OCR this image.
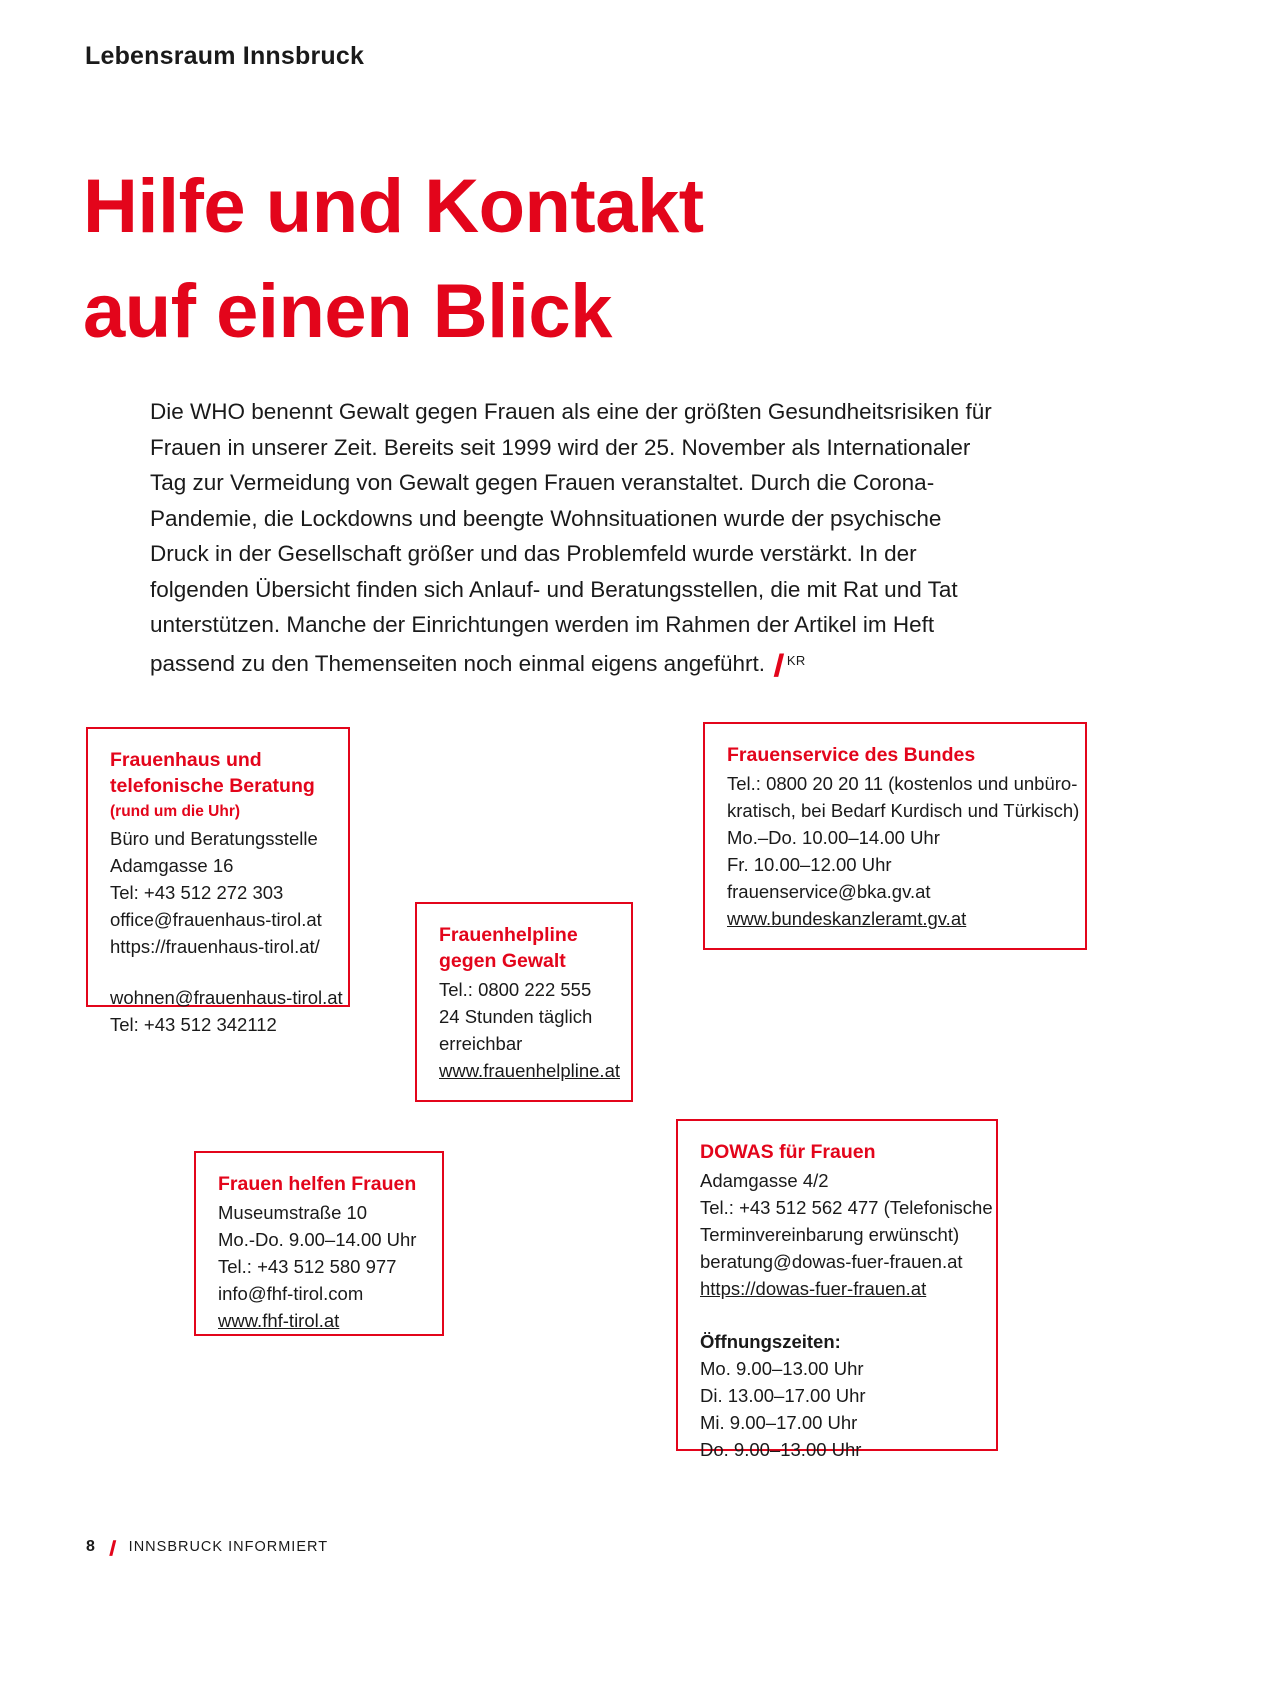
Lebensraum Innsbruck
Hilfe und Kontakt
auf einen Blick
Die WHO benennt Gewalt gegen Frauen als eine der größten Gesundheitsrisiken für Frauen in unserer Zeit. Bereits seit 1999 wird der 25. November als Internationaler Tag zur Vermeidung von Gewalt gegen Frauen veranstaltet. Durch die Corona-Pandemie, die Lockdowns und beengte Wohnsituationen wurde der psychische Druck in der Gesellschaft größer und das Problemfeld wurde verstärkt. In der folgenden Übersicht finden sich Anlauf- und Beratungsstellen, die mit Rat und Tat unterstützen. Manche der Einrichtungen werden im Rahmen der Artikel im Heft passend zu den Themenseiten noch einmal eigens angeführt. ❙$^{KR}$
Frauenhaus und
telefonische Beratung
(rund um die Uhr)
Büro und Beratungsstelle
Adamgasse 16
Tel: +43 512 272 303
office@frauenhaus-tirol.at
https://frauenhaus-tirol.at/
wohnen@frauenhaus-tirol.at
Tel: +43 512 342112
Frauenhelpline
gegen Gewalt
Tel.: 0800 222 555
24 Stunden täglich
erreichbar
www.frauenhelpline.at
Frauen helfen Frauen
Museumstraße 10
Mo.-Do. 9.00–14.00 Uhr
Tel.: +43 512 580 977
info@fhf-tirol.com
www.fhf-tirol.at
Frauenservice des Bundes
Tel.: 0800 20 20 11 (kostenlos und unbüro-
kratisch, bei Bedarf Kurdisch und Türkisch)
Mo.–Do. 10.00–14.00 Uhr
Fr. 10.00–12.00 Uhr
frauenservice@bka.gv.at
www.bundeskanzleramt.gv.at
DOWAS für Frauen
Adamgasse 4/2
Tel.: +43 512 562 477 (Telefonische
Terminvereinbarung erwünscht)
beratung@dowas-fuer-frauen.at
https://dowas-fuer-frauen.at
Öffnungszeiten:
Mo. 9.00–13.00 Uhr
Di. 13.00–17.00 Uhr
Mi. 9.00–17.00 Uhr
Do. 9.00–13.00 Uhr
8 ❙ INNSBRUCK INFORMIERT
